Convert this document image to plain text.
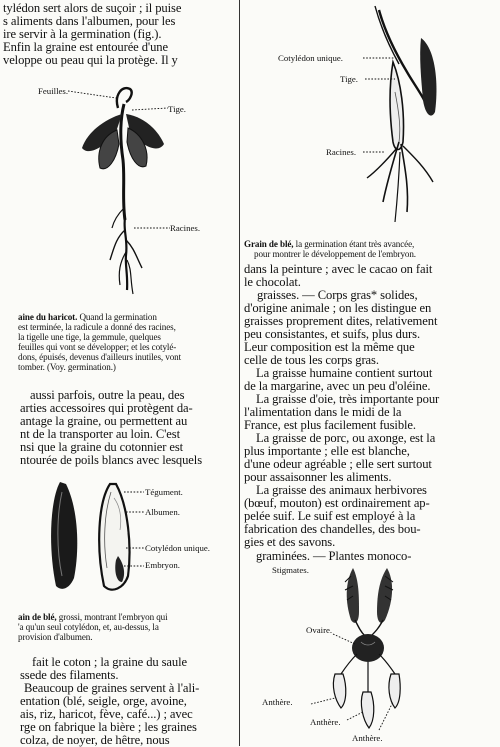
tylédon sert alors de suçoir ; il puise

s aliments dans l'albumen, pour les

ire servir à la germination (fig.).

Enfin la graine est entourée d'une

veloppe ou peau qui la protège. Il y

Feuilles.
Tige.
Racines.

aine du haricot. Quand la germination

est terminée, la radicule a donné des racines,

la tigelle une tige, la gemmule, quelques

feuilles qui vont se développer; et les cotylé-

dons, épuisés, devenus d'ailleurs inutiles, vont

tomber. (Voy. germination.)

aussi parfois, outre la peau, des

arties accessoires qui protègent da-

antage la graine, ou permettent au

nt de la transporter au loin. C'est

nsi que la graine du cotonnier est

ntourée de poils blancs avec lesquels

Tégument.
Albumen.
Cotylédon unique.
Embryon.

ain de blé, grossi, montrant l'embryon qui

'a qu'un seul cotylédon, et, au-dessus, la

provision d'albumen.

fait le coton ; la graine du saule

ssede des filaments.

Beaucoup de graines servent à l'ali-

entation (blé, seigle, orge, avoine,

ais, riz, haricot, fève, café...) ; avec

rge on fabrique la bière ; les graines

colza, de noyer, de hêtre, nous

Cotylédon unique.
Tige.
Racines.

Grain de blé, la germination étant très avancée,

pour montrer le développement de l'embryon.

dans la peinture ; avec le cacao on fait

le chocolat.

graisses. — Corps gras* solides,

d'origine animale ; on les distingue en

graisses proprement dites, relativement

peu consistantes, et suifs, plus durs.

Leur composition est la même que

celle de tous les corps gras.

La graisse humaine contient surtout

de la margarine, avec un peu d'oléine.

La graisse d'oie, très importante pour

l'alimentation dans le midi de la

France, est plus facilement fusible.

La graisse de porc, ou axonge, est la

plus importante ; elle est blanche,

d'une odeur agréable ; elle sert surtout

pour assaisonner les aliments.

La graisse des animaux herbivores

(bœuf, mouton) est ordinairement ap-

pelée suif. Le suif est employé à la

fabrication des chandelles, des bou-

gies et des savons.

graminées. — Plantes monoco-

Stigmates.
Ovaire.
Anthère.
Anthère.
Anthère.
